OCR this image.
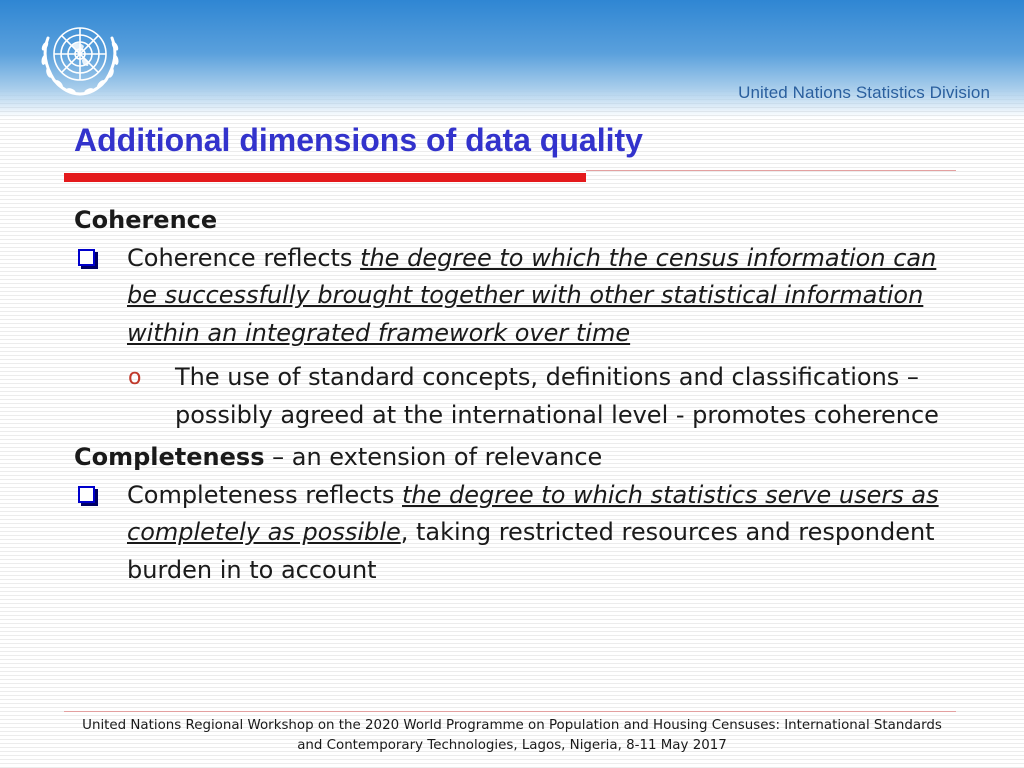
United Nations Statistics Division
Additional dimensions of data quality

Coherence

Coherence reflects the degree to which the census information can be successfully brought together with other statistical information within an integrated framework over time

o The use of standard concepts, definitions and classifications – possibly agreed at the international level - promotes coherence

Completeness – an extension of relevance

Completeness reflects the degree to which statistics serve users as completely as possible, taking restricted resources and respondent burden in to account

United Nations Regional Workshop on the 2020 World Programme on Population and Housing Censuses: International Standards
and Contemporary Technologies, Lagos, Nigeria, 8-11 May 2017
